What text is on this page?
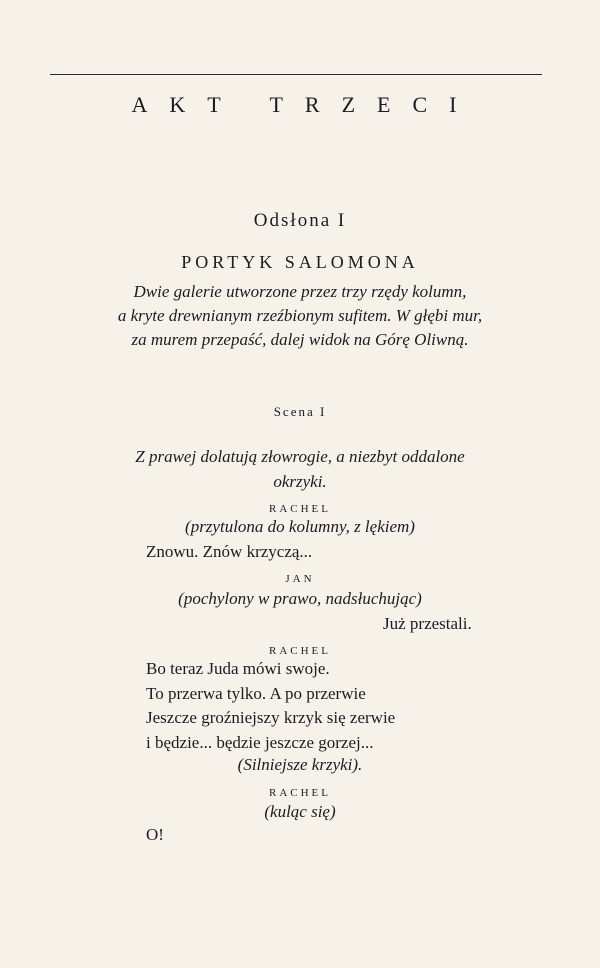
AKT TRZECI
Odsłona I
PORTYK SALOMONA
Dwie galerie utworzone przez trzy rzędy kolumn,
a kryte drewnianym rzeźbionym sufitem. W głębi mur,
za murem przepaść, dalej widok na Górę Oliwną.
Scena I
Z prawej dolatują złowrogie, a niezbyt oddalone
okrzyki.
RACHEL
(przytulona do kolumny, z lękiem)
Znowu. Znów krzyczą...
JAN
(pochylony w prawo, nadsłuchując)
Już przestali.
RACHEL
Bo teraz Juda mówi swoje.
To przerwa tylko. A po przerwie
Jeszcze groźniejszy krzyk się zerwie
i będzie... będzie jeszcze gorzej...
(Silniejsze krzyki).
RACHEL
(kuląc się)
O!
